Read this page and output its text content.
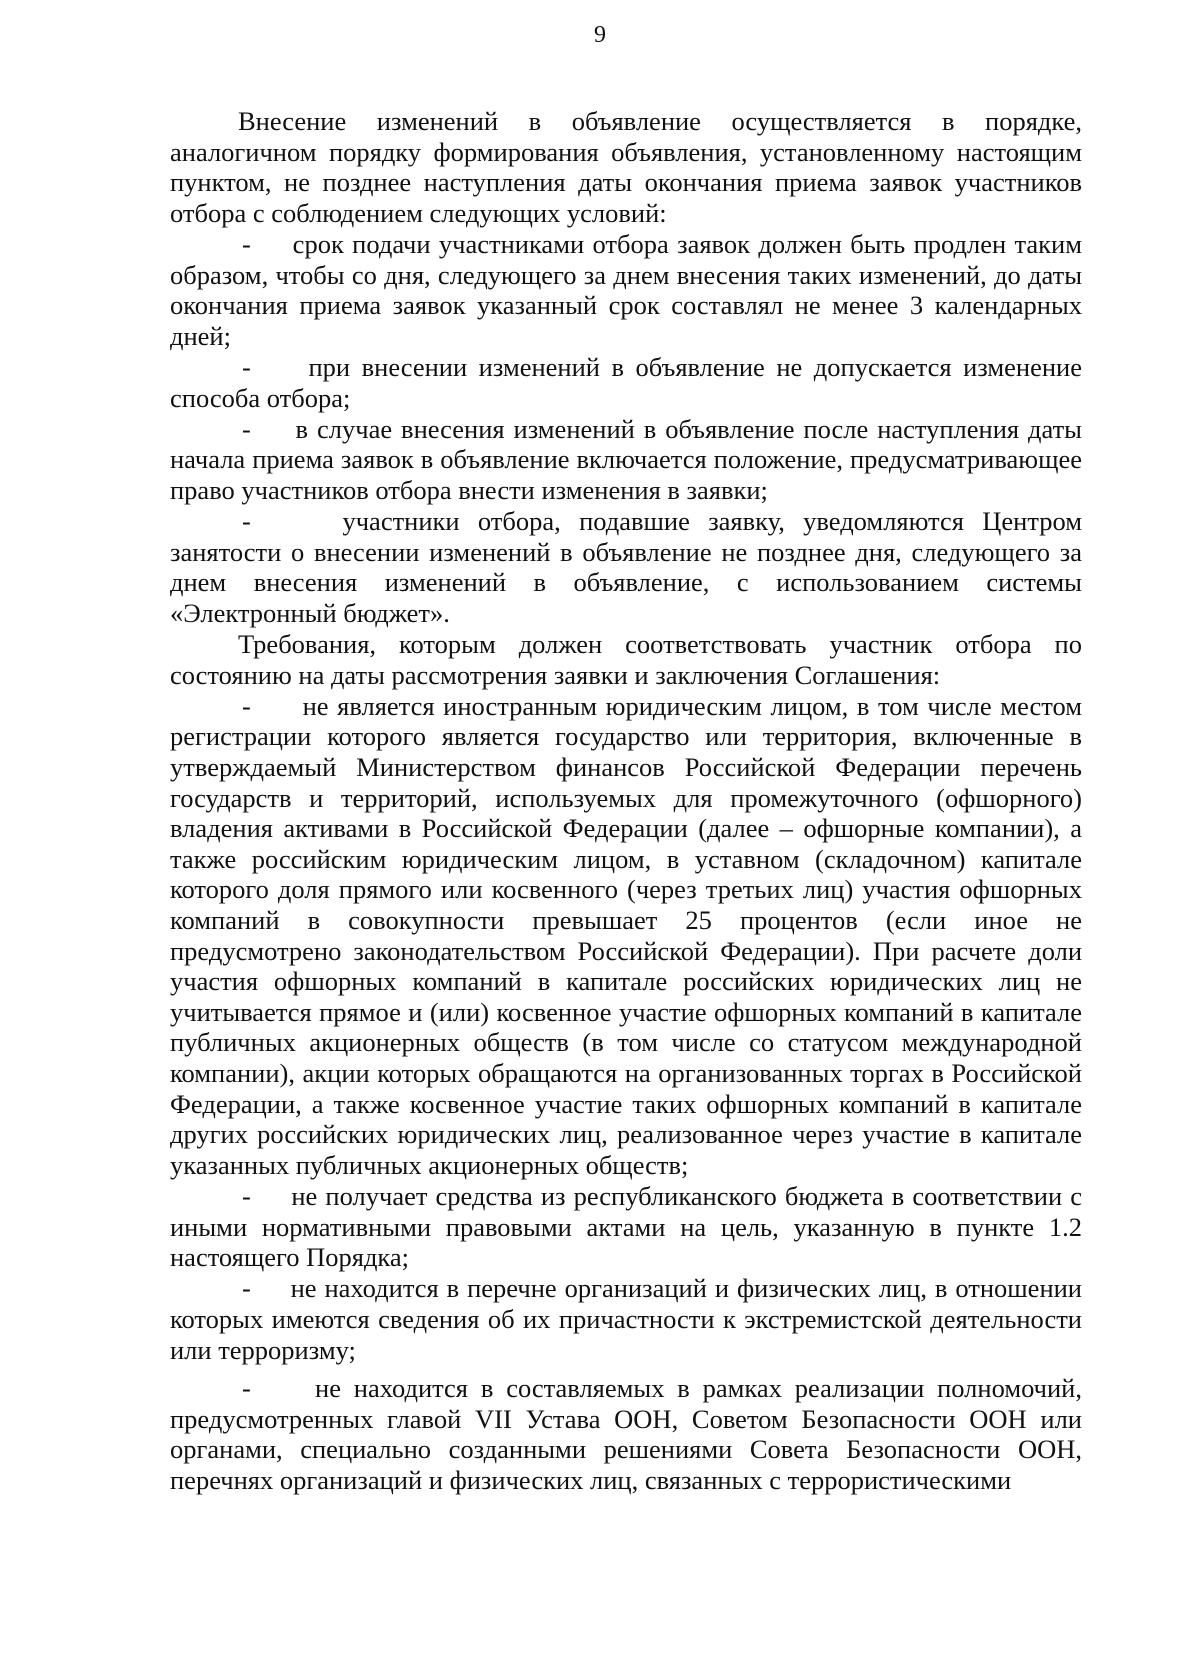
9

Внесение изменений в объявление осуществляется в порядке, аналогичном порядку формирования объявления, установленному настоящим пунктом, не позднее наступления даты окончания приема заявок участников отбора с соблюдением следующих условий:

-     срок подачи участниками отбора заявок должен быть продлен таким образом, чтобы со дня, следующего за днем внесения таких изменений, до даты окончания приема заявок указанный срок составлял не менее 3 календарных дней;

-     при внесении изменений в объявление не допускается изменение способа отбора;

-     в случае внесения изменений в объявление после наступления даты начала приема заявок в объявление включается положение, предусматривающее право участников отбора внести изменения в заявки;

-     участники отбора, подавшие заявку, уведомляются Центром занятости о внесении изменений в объявление не позднее дня, следующего за днем внесения изменений в объявление, с использованием системы «Электронный бюджет».

Требования, которым должен соответствовать участник отбора по состоянию на даты рассмотрения заявки и заключения Соглашения:

-      не является иностранным юридическим лицом, в том числе местом регистрации которого является государство или территория, включенные в утверждаемый Министерством финансов Российской Федерации перечень государств и территорий, используемых для промежуточного (офшорного) владения активами в Российской Федерации (далее – офшорные компании), а также российским юридическим лицом, в уставном (складочном) капитале которого доля прямого или косвенного (через третьих лиц) участия офшорных компаний в совокупности превышает 25 процентов (если иное не предусмотрено законодательством Российской Федерации). При расчете доли участия офшорных компаний в капитале российских юридических лиц не учитывается прямое и (или) косвенное участие офшорных компаний в капитале публичных акционерных обществ (в том числе со статусом международной компании), акции которых обращаются на организованных торгах в Российской Федерации, а также косвенное участие таких офшорных компаний в капитале других российских юридических лиц, реализованное через участие в капитале указанных публичных акционерных обществ;

-     не получает средства из республиканского бюджета в соответствии с иными нормативными правовыми актами на цель, указанную в пункте 1.2 настоящего Порядка;

-     не находится в перечне организаций и физических лиц, в отношении которых имеются сведения об их причастности к экстремистской деятельности или терроризму;

-     не находится в составляемых в рамках реализации полномочий, предусмотренных главой VII Устава ООН, Советом Безопасности ООН или органами, специально созданными решениями Совета Безопасности ООН, перечнях организаций и физических лиц, связанных с террористическими
